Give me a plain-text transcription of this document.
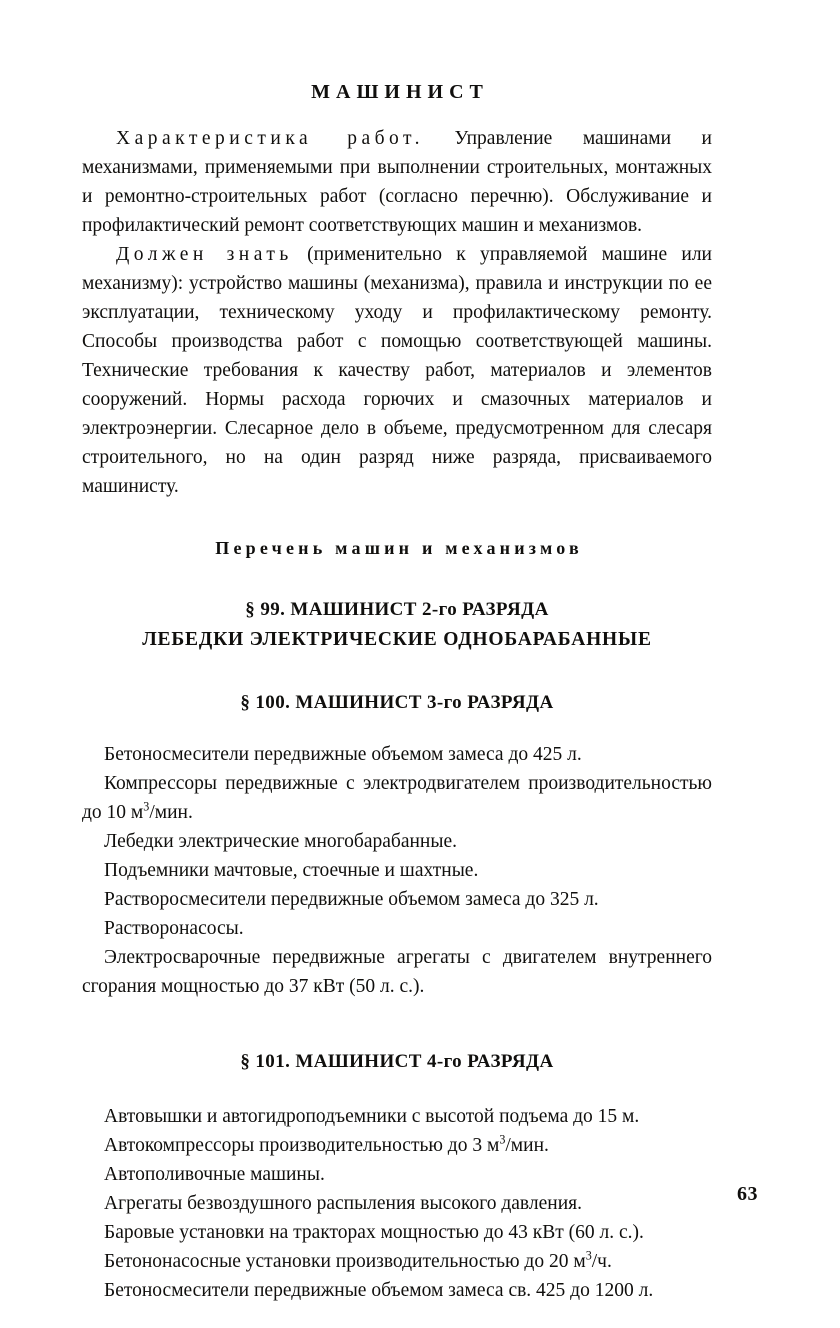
МАШИНИСТ

Характеристика работ. Управление машинами и механизмами, применяемыми при выполнении строительных, монтажных и ремонтно-строительных работ (согласно перечню). Обслуживание и профилактический ремонт соответствующих машин и механизмов.

Должен знать (применительно к управляемой машине или механизму): устройство машины (механизма), правила и инструкции по ее эксплуатации, техническому уходу и профилактическому ремонту. Способы производства работ с помощью соответствующей машины. Технические требования к качеству работ, материалов и элементов сооружений. Нормы расхода горючих и смазочных материалов и электроэнергии. Слесарное дело в объеме, предусмотренном для слесаря строительного, но на один разряд ниже разряда, присваиваемого машинисту.

Перечень машин и механизмов
§ 99. МАШИНИСТ 2-го РАЗРЯДА
ЛЕБЕДКИ ЭЛЕКТРИЧЕСКИЕ ОДНОБАРАБАННЫЕ
§ 100. МАШИНИСТ 3-го РАЗРЯДА
Бетоносмесители передвижные объемом замеса до 425 л.
Компрессоры передвижные с электродвигателем производительностью до 10 $м^3$/мин.
Лебедки электрические многобарабанные.
Подъемники мачтовые, стоечные и шахтные.
Растворосмесители передвижные объемом замеса до 325 л.
Растворонасосы.
Электросварочные передвижные агрегаты с двигателем внутреннего сгорания мощностью до 37 кВт (50 л. с.).
§ 101. МАШИНИСТ 4-го РАЗРЯДА
Автовышки и автогидроподъемники с высотой подъема до 15 м.
Автокомпрессоры производительностью до 3 $м^3$/мин.
Автополивочные машины.
Агрегаты безвоздушного распыления высокого давления.
Баровые установки на тракторах мощностью до 43 кВт (60 л. с.).
Бетононасосные установки производительностью до 20 $м^3/ч$.
Бетоносмесители передвижные объемом замеса св. 425 до 1200 л.
63
